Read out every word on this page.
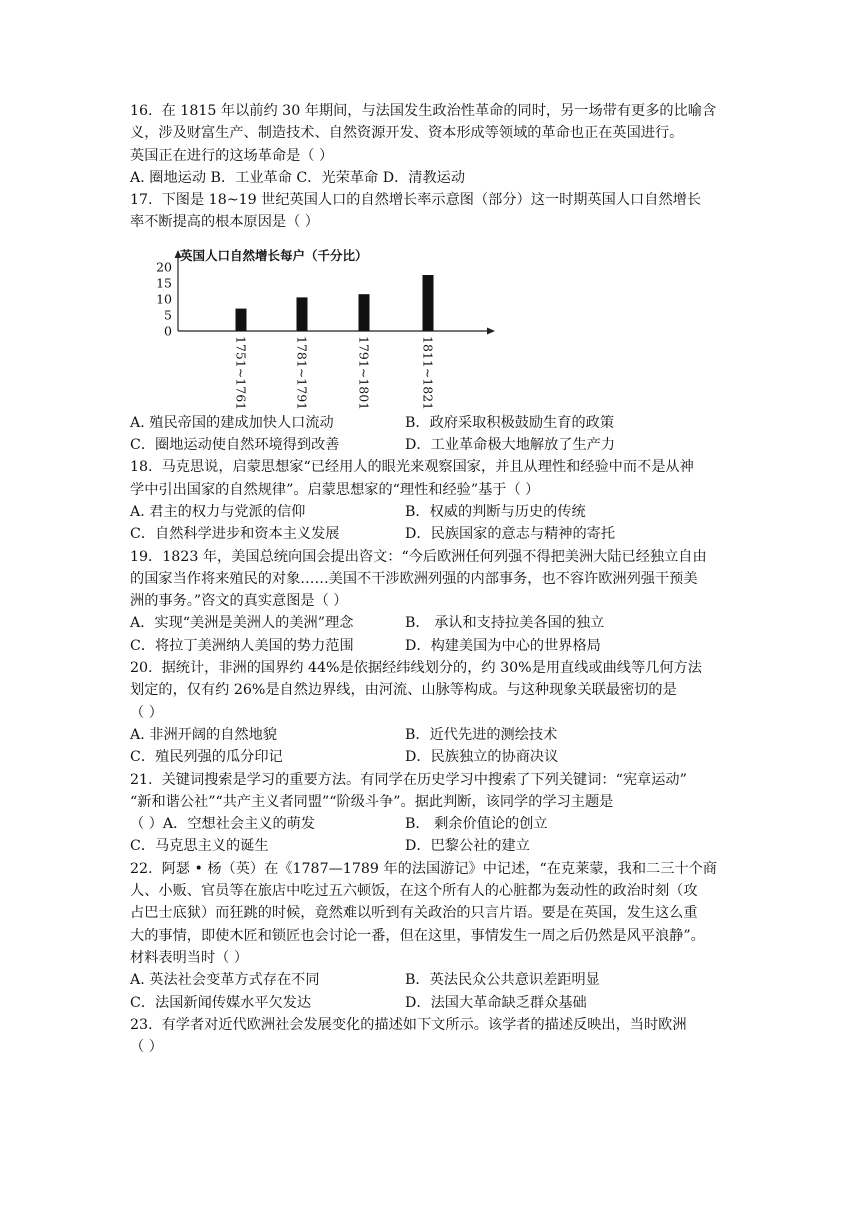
16. 在 1815 年以前约 30 年期间，与法国发生政治性革命的同时，另一场带有更多的比喻含

义，涉及财富生产、制造技术、自然资源开发、资本形成等领域的革命也正在英国进行。

英国正在进行的这场革命是（ ）

A. 圈地运动 B．工业革命 C．光荣革命 D．清教运动

17. 下图是 18~19 世纪英国人口的自然增长率示意图（部分）这一时期英国人口自然增长

率不断提高的根本原因是（ ）

英国人口自然增长每户（千分比）
20
15
10
5
0
1751~1761	1781~1791	1791~1801	1811~1821
A. 殖民帝国的建成加快人口流动	B．政府采取积极鼓励生育的政策
C．圈地运动使自然环境得到改善	D．工业革命极大地解放了生产力

18. 马克思说，启蒙思想家“已经用人的眼光来观察国家，并且从理性和经验中而不是从神

学中引出国家的自然规律”。启蒙思想家的“理性和经验”基于（ ）

A. 君主的权力与党派的信仰	B．权威的判断与历史的传统
C．自然科学进步和资本主义发展	D．民族国家的意志与精神的寄托

19．1823 年，美国总统向国会提出咨文：“今后欧洲任何列强不得把美洲大陆已经独立自由

的国家当作将来殖民的对象……美国不干涉欧洲列强的内部事务，也不容许欧洲列强干预美

洲的事务。”咨文的真实意图是（ ）

A．实现“美洲是美洲人的美洲”理念	B． 承认和支持拉美各国的独立
C．将拉丁美洲纳人美国的势力范围	D．构建美国为中心的世界格局

20. 据统计，非洲的国界约 44%是依据经纬线划分的，约 30%是用直线或曲线等几何方法

划定的，仅有约 26%是自然边界线，由河流、山脉等构成。与这种现象关联最密切的是

（ ）

A. 非洲开阔的自然地貌	B．近代先进的测绘技术
C．殖民列强的瓜分印记	D．民族独立的协商决议

21. 关键词搜索是学习的重要方法。有同学在历史学习中搜索了下列关键词：“宪章运动”

“新和谐公社”“共产主义者同盟”“阶级斗争”。据此判断，该同学的学习主题是

（ ）A．空想社会主义的萌发	B． 剩余价值论的创立
C．马克思主义的诞生	D．巴黎公社的建立

22. 阿瑟 • 杨（英）在《1787—1789 年的法国游记》中记述，“在克莱蒙，我和二三十个商

人、小贩、官员等在旅店中吃过五六顿饭，在这个所有人的心脏都为轰动性的政治时刻（攻

占巴士底狱）而狂跳的时候，竟然难以听到有关政治的只言片语。要是在英国，发生这么重

大的事情，即使木匠和锁匠也会讨论一番，但在这里，事情发生一周之后仍然是风平浪静”。

材料表明当时（ ）

A. 英法社会变革方式存在不同	B．英法民众公共意识差距明显
C．法国新闻传媒水平欠发达	D．法国大革命缺乏群众基础

23. 有学者对近代欧洲社会发展变化的描述如下文所示。该学者的描述反映出，当时欧洲

（ ）
